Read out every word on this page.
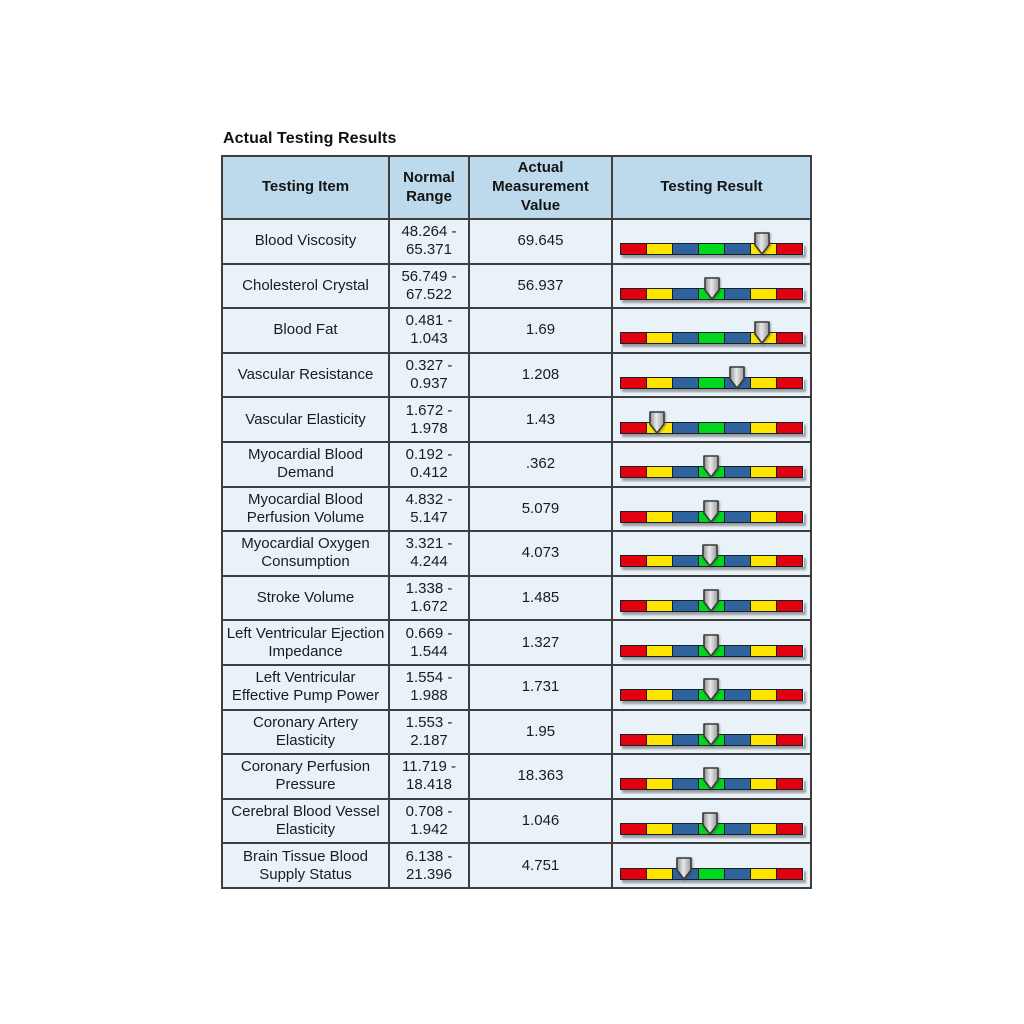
Actual Testing Results
Testing Item	Normal Range	Actual Measurement Value	Testing Result
Blood Viscosity	48.264 - 65.371	69.645	

Cholesterol Crystal	56.749 - 67.522	56.937	

Blood Fat	0.481 - 1.043	1.69	

Vascular Resistance	0.327 - 0.937	1.208	

Vascular Elasticity	1.672 - 1.978	1.43	

Myocardial Blood Demand	0.192 - 0.412	.362	

Myocardial Blood Perfusion Volume	4.832 - 5.147	5.079	

Myocardial Oxygen Consumption	3.321 - 4.244	4.073	

Stroke Volume	1.338 - 1.672	1.485	

Left Ventricular Ejection Impedance	0.669 - 1.544	1.327	

Left Ventricular Effective Pump Power	1.554 - 1.988	1.731	

Coronary Artery Elasticity	1.553 - 2.187	1.95	

Coronary Perfusion Pressure	11.719 - 18.418	18.363	

Cerebral Blood Vessel Elasticity	0.708 - 1.942	1.046	

Brain Tissue Blood Supply Status	6.138 - 21.396	4.751	
